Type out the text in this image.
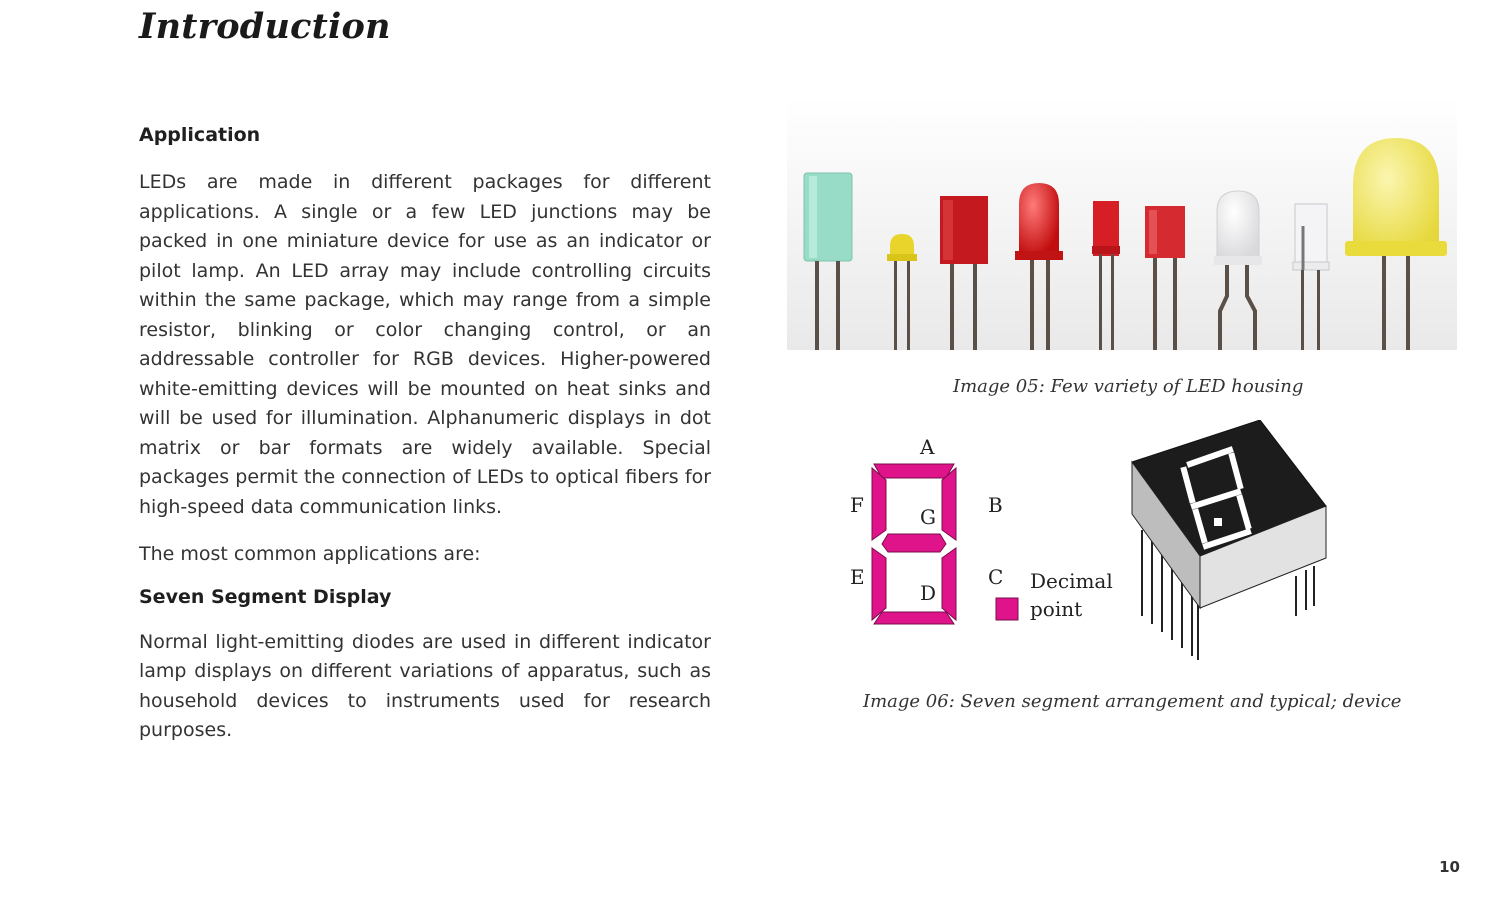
Introduction
Application

LEDs are made in different packages for different applications. A single or a few LED junctions may be packed in one miniature device for use as an indicator or pilot lamp. An LED array may include controlling circuits within the same package, which may range from a simple resistor, blinking or color changing control, or an addressable controller for RGB devices. Higher-powered white-emitting devices will be mounted on heat sinks and will be used for illumination. Alphanumeric displays in dot matrix or bar formats are widely available. Special packages permit the connection of LEDs to optical fibers for high-speed data communication links.

The most common applications are:

Seven Segment Display

Normal light-emitting diodes are used in different indicator lamp displays on different variations of apparatus, such as household devices to instruments used for research purposes.

Image 05: Few variety of LED housing
A
B
C
D
E
F	G
Decimal
point
Image 06: Seven segment arrangement and typical; device
10
